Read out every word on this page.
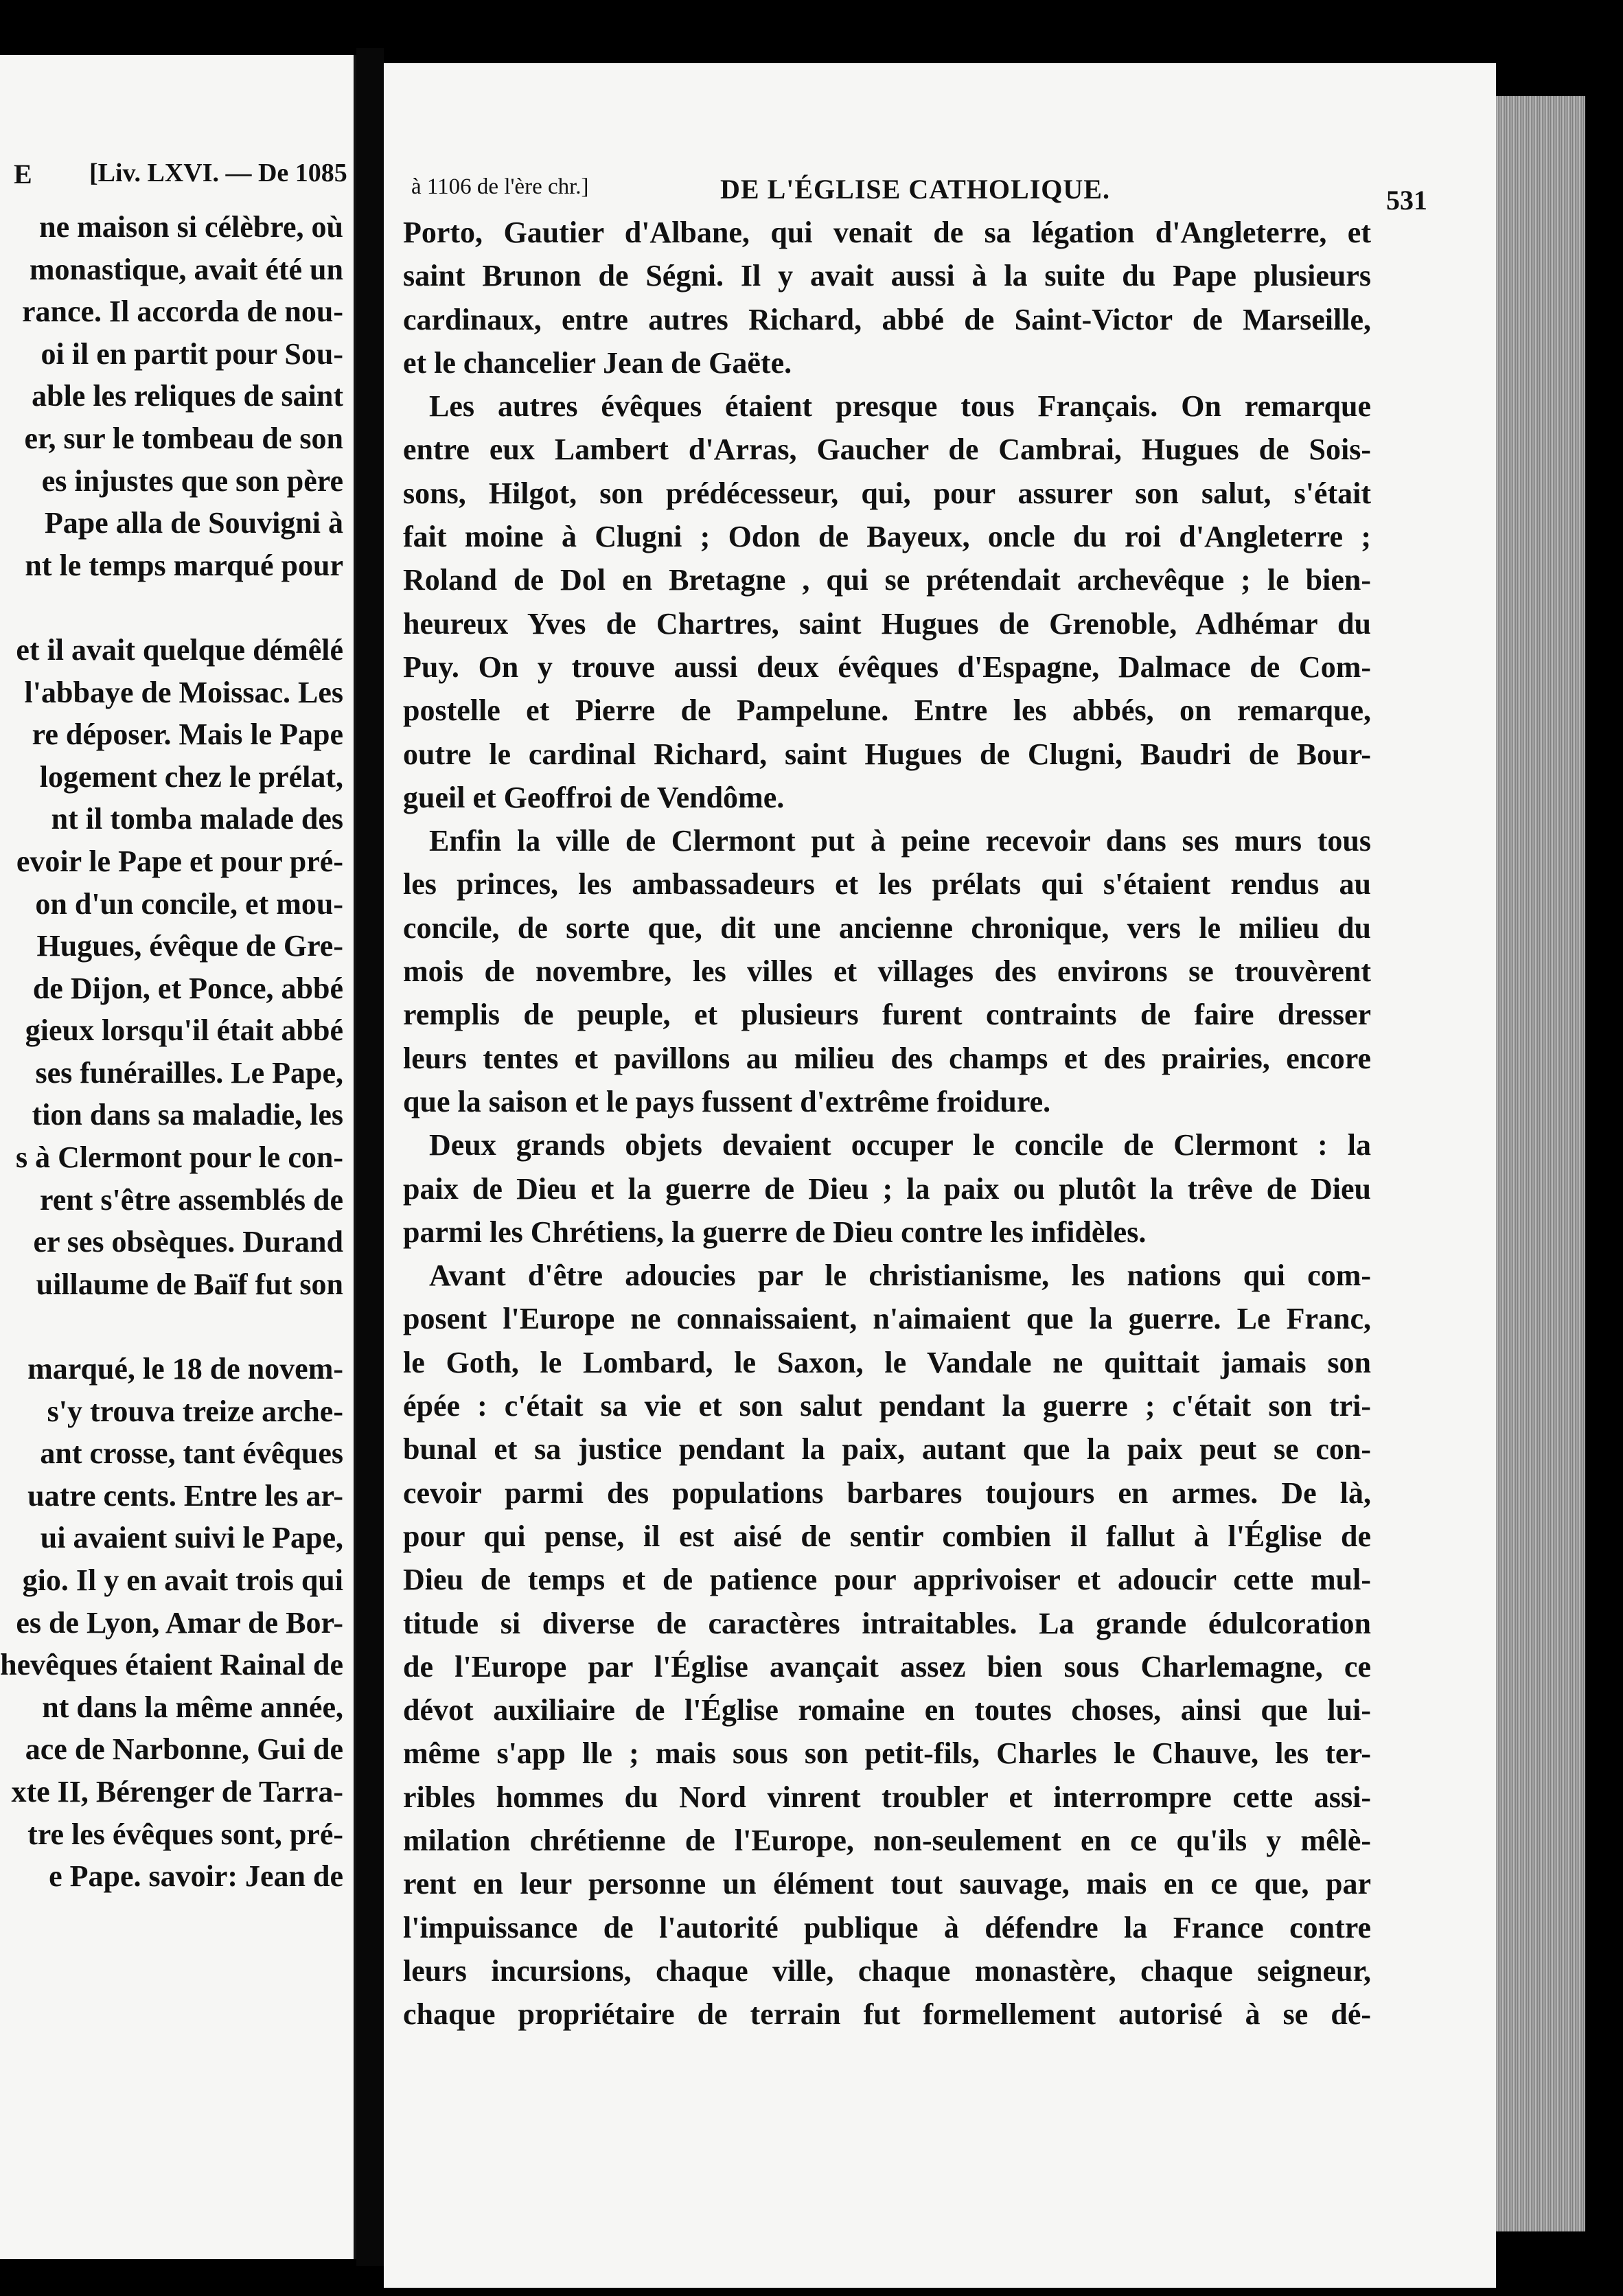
E [Liv. LXVI. — De 1085
ne maison si célèbre, où
monastique, avait été un
rance. Il accorda de nou-
oi il en partit pour Sou-
able les reliques de saint
er, sur le tombeau de son
es injustes que son père
Pape alla de Souvigni à
nt le temps marqué pour
et il avait quelque démêlé
l'abbaye de Moissac. Les
re déposer. Mais le Pape
logement chez le prélat,
nt il tomba malade des
evoir le Pape et pour pré-
on d'un concile, et mou-
Hugues, évêque de Gre-
de Dijon, et Ponce, abbé
gieux lorsqu'il était abbé
ses funérailles. Le Pape,
tion dans sa maladie, les
s à Clermont pour le con-
rent s'être assemblés de
er ses obsèques. Durand
uillaume de Baïf fut son
marqué, le 18 de novem-
s'y trouva treize arche-
ant crosse, tant évêques
uatre cents. Entre les ar-
ui avaient suivi le Pape,
gio. Il y en avait trois qui
es de Lyon, Amar de Bor-
hevêques étaient Rainal de
nt dans la même année,
ace de Narbonne, Gui de
xte II, Bérenger de Tarra-
tre les évêques sont, pré-
e Pape. savoir: Jean de
à 1106 de l'ère chr.]	DE L'ÉGLISE CATHOLIQUE.	531
Porto, Gautier d'Albane, qui venait de sa légation d'Angleterre, et
saint Brunon de Ségni. Il y avait aussi à la suite du Pape plusieurs
cardinaux, entre autres Richard, abbé de Saint-Victor de Marseille,
et le chancelier Jean de Gaëte.
Les autres évêques étaient presque tous Français. On remarque
entre eux Lambert d'Arras, Gaucher de Cambrai, Hugues de Sois-
sons, Hilgot, son prédécesseur, qui, pour assurer son salut, s'était
fait moine à Clugni ; Odon de Bayeux, oncle du roi d'Angleterre ;
Roland de Dol en Bretagne , qui se prétendait archevêque ; le bien-
heureux Yves de Chartres, saint Hugues de Grenoble, Adhémar du
Puy. On y trouve aussi deux évêques d'Espagne, Dalmace de Com-
postelle et Pierre de Pampelune. Entre les abbés, on remarque,
outre le cardinal Richard, saint Hugues de Clugni, Baudri de Bour-
gueil et Geoffroi de Vendôme.
Enfin la ville de Clermont put à peine recevoir dans ses murs tous
les princes, les ambassadeurs et les prélats qui s'étaient rendus au
concile, de sorte que, dit une ancienne chronique, vers le milieu du
mois de novembre, les villes et villages des environs se trouvèrent
remplis de peuple, et plusieurs furent contraints de faire dresser
leurs tentes et pavillons au milieu des champs et des prairies, encore
que la saison et le pays fussent d'extrême froidure.
Deux grands objets devaient occuper le concile de Clermont : la
paix de Dieu et la guerre de Dieu ; la paix ou plutôt la trêve de Dieu
parmi les Chrétiens, la guerre de Dieu contre les infidèles.
Avant d'être adoucies par le christianisme, les nations qui com-
posent l'Europe ne connaissaient, n'aimaient que la guerre. Le Franc,
le Goth, le Lombard, le Saxon, le Vandale ne quittait jamais son
épée : c'était sa vie et son salut pendant la guerre ; c'était son tri-
bunal et sa justice pendant la paix, autant que la paix peut se con-
cevoir parmi des populations barbares toujours en armes. De là,
pour qui pense, il est aisé de sentir combien il fallut à l'Église de
Dieu de temps et de patience pour apprivoiser et adoucir cette mul-
titude si diverse de caractères intraitables. La grande édulcoration
de l'Europe par l'Église avançait assez bien sous Charlemagne, ce
dévot auxiliaire de l'Église romaine en toutes choses, ainsi que lui-
même s'app lle ; mais sous son petit-fils, Charles le Chauve, les ter-
ribles hommes du Nord vinrent troubler et interrompre cette assi-
milation chrétienne de l'Europe, non-seulement en ce qu'ils y mêlè-
rent en leur personne un élément tout sauvage, mais en ce que, par
l'impuissance de l'autorité publique à défendre la France contre
leurs incursions, chaque ville, chaque monastère, chaque seigneur,
chaque propriétaire de terrain fut formellement autorisé à se dé-
